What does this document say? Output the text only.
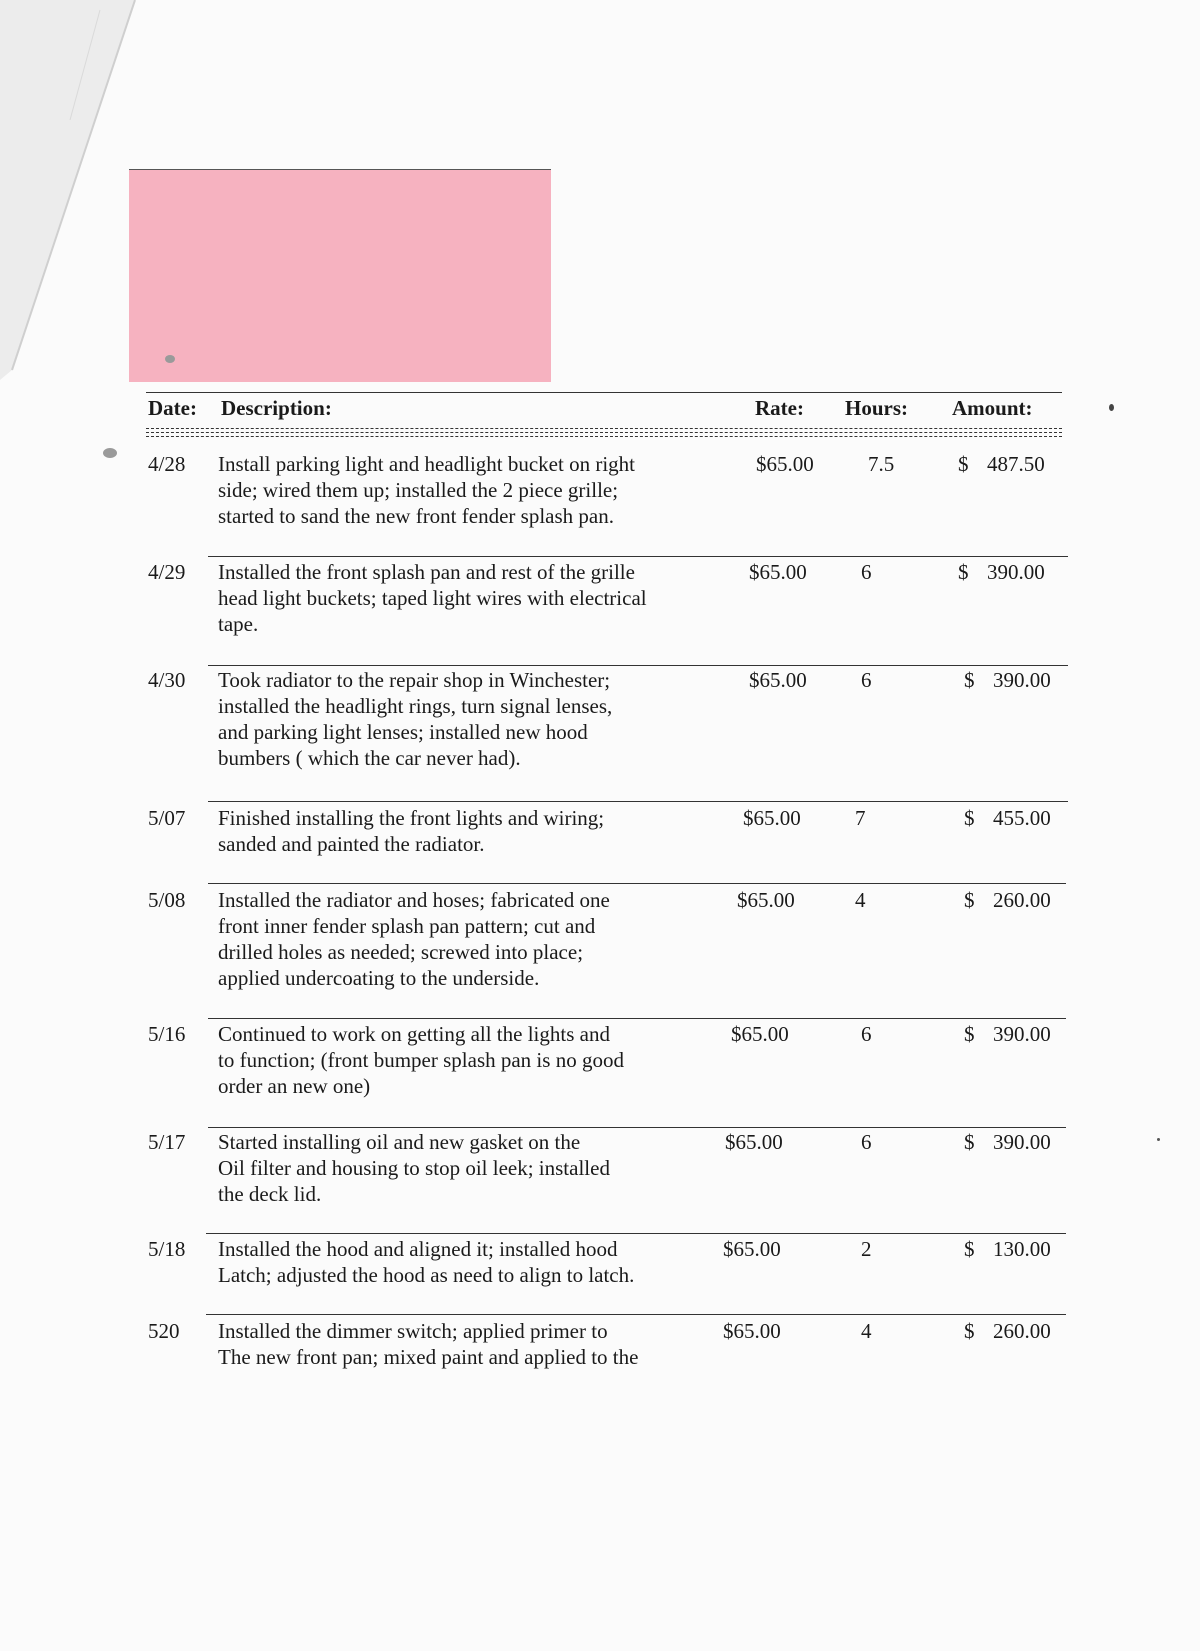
Date: Description:	Rate: Hours: Amount:
4/28 Install parking light and headlight bucket on right
side; wired them up; installed the 2 piece grille;
started to sand the new front fender splash pan.
$65.00	7.5	$ 487.50
4/29 Installed the front splash pan and rest of the grille
head light buckets; taped light wires with electrical
tape.
$65.00	6	$ 390.00
4/30 Took radiator to the repair shop in Winchester;
installed the headlight rings, turn signal lenses,
and parking light lenses; installed new hood
bumbers ( which the car never had).
$65.00	6	$ 390.00
5/07 Finished installing the front lights and wiring;
sanded and painted the radiator.
$65.00	7	$ 455.00
5/08 Installed the radiator and hoses; fabricated one
front inner fender splash pan pattern; cut and
drilled holes as needed; screwed into place;
applied undercoating to the underside.
$65.00	4	$ 260.00
5/16 Continued to work on getting all the lights and
to function; (front bumper splash pan is no good
order an new one)
$65.00	6	$ 390.00
5/17 Started installing oil and new gasket on the
Oil filter and housing to stop oil leek; installed
the deck lid.
$65.00	6	$ 390.00
5/18 Installed the hood and aligned it; installed hood
Latch; adjusted the hood as need to align to latch.
$65.00	2	$ 130.00
520 Installed the dimmer switch; applied primer to
The new front pan; mixed paint and applied to the
$65.00	4	$ 260.00
